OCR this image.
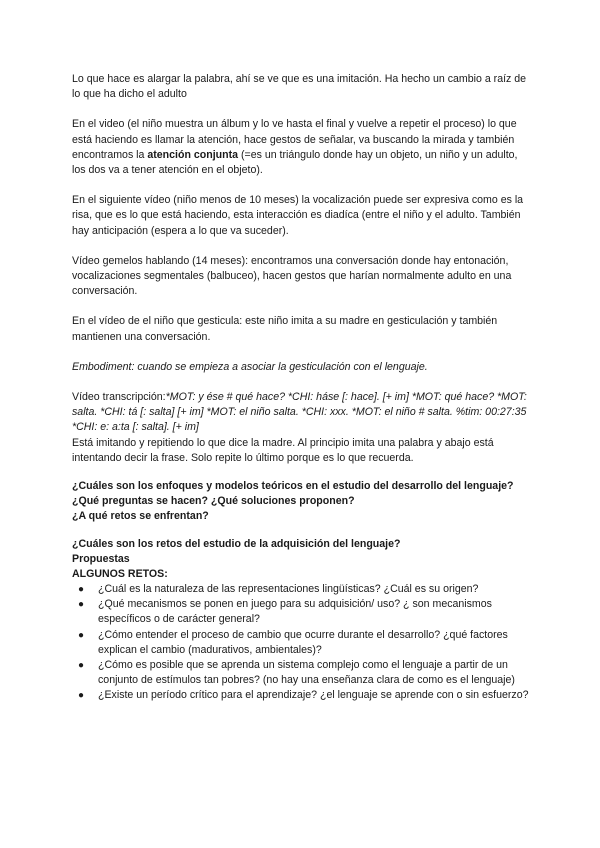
Lo que hace es alargar la palabra, ahí se ve que es una imitación. Ha hecho un cambio a raíz de lo que ha dicho el adulto

En el video (el niño muestra un álbum y lo ve hasta el final y vuelve a repetir el proceso) lo que está haciendo es llamar la atención, hace gestos de señalar, va buscando la mirada y también encontramos la atención conjunta (=es un triángulo donde hay un objeto, un niño y un adulto, los dos va a tener atención en el objeto).

En el siguiente vídeo (niño menos de 10 meses) la vocalización puede ser expresiva como es la risa, que es lo que está haciendo, esta interacción es diadíca (entre el niño y el adulto. También hay anticipación (espera a lo que va suceder).

Vídeo gemelos hablando (14 meses): encontramos una conversación donde hay entonación, vocalizaciones segmentales (balbuceo), hacen gestos que harían normalmente adulto en una conversación.

En el vídeo de el niño que gesticula: este niño imita a su madre en gesticulación y también mantienen una conversación.

Embodiment: cuando se empieza a asociar la gesticulación con el lenguaje.

Vídeo transcripción:*MOT: y ése # qué hace? *CHI: háse [: hace]. [+ im] *MOT: qué hace? *MOT: salta. *CHI: tá [: salta] [+ im] *MOT: el niño salta. *CHI: xxx. *MOT: el niño # salta. %tim: 00:27:35 *CHI: e: a:ta [: salta]. [+ im]

Está imitando y repitiendo lo que dice la madre. Al principio imita una palabra y abajo está intentando decir la frase. Solo repite lo último porque es lo que recuerda.

¿Cuáles son los enfoques y modelos teóricos en el estudio del desarrollo del lenguaje?

¿Qué preguntas se hacen? ¿Qué soluciones proponen?

¿A qué retos se enfrentan?

¿Cuáles son los retos del estudio de la adquisición del lenguaje?

Propuestas

ALGUNOS RETOS:

● ¿Cuál es la naturaleza de las representaciones lingüísticas? ¿Cuál es su origen?
● ¿Qué mecanismos se ponen en juego para su adquisición/ uso? ¿ son mecanismos específicos o de carácter general?
● ¿Cómo entender el proceso de cambio que ocurre durante el desarrollo? ¿qué factores explican el cambio (madurativos, ambientales)?
● ¿Cómo es posible que se aprenda un sistema complejo como el lenguaje a partir de un conjunto de estímulos tan pobres? (no hay una enseñanza clara de como es el lenguaje)
● ¿Existe un período crítico para el aprendizaje? ¿el lenguaje se aprende con o sin esfuerzo?
